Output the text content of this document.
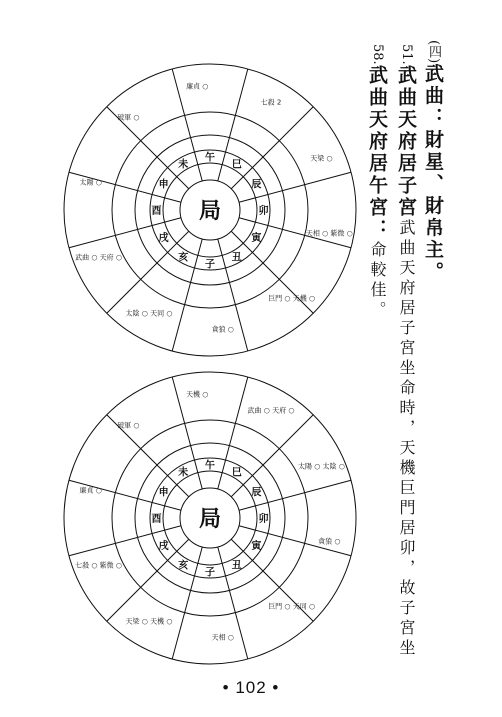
(四)武曲：財星、財帛主。
51.武曲天府居子宮武曲天府居子宮坐命時，天機巨門居卯，故子宮坐
58.武曲天府居午宮：命較佳。
局
子
丑
寅
卯
辰
巳
午
未
申
酉
戌
亥
七殺 2
天梁 ○
天相 ○ 紫微 ○
巨門 ○ 天機 ○
貪狼 ○
太陰 ○ 天同 ○
武曲 ○ 天府 ○
太陽 ○
破軍 ○
廉貞 ○
局
子
丑
寅
卯
辰
巳
午
未
申
酉
戌
亥
武曲 ○ 天府 ○
太陽 ○ 太陰 ○
貪狼 ○
巨門 ○ 天同 ○
天相 ○
天梁 ○ 天機 ○
七殺 ○ 紫微 ○
廉貞 ○
破軍 ○
天機 ○
• 102 •
